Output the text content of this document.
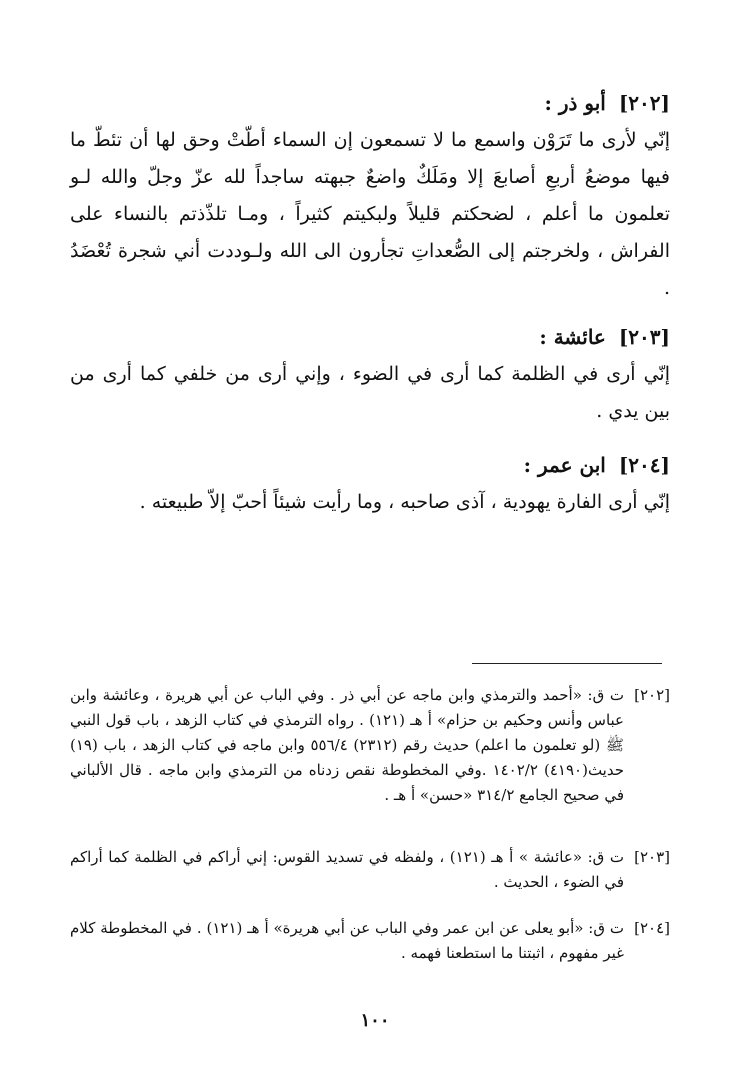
[٢٠٢] أبو ذر :
إنّي لأرى ما تَرَوْن واسمع ما لا تسمعون إن السماء أطّتْ وحق لها أن تئطّ ما فيها موضعُ أربعِ أصابعَ إلا ومَلَكٌ واضعٌ جبهته ساجداً لله عزّ وجلّ والله لـو تعلمون ما أعلم ، لضحكتم قليلاً ولبكيتم كثيراً ، ومـا تلذّذتم بالنساء على الفراش ، ولخرجتم إلى الصُّعداتِ تجأرون الى الله ولـوددت أني شجرة تُعْضَدُ .
[٢٠٣] عائشة :
إنّي أرى في الظلمة كما أرى في الضوء ، وإني أرى من خلفي كما أرى من بين يدي .
[٢٠٤] ابن عمر :
إنّي أرى الفارة يهودية ، آذى صاحبه ، وما رأيت شيئاً أحبّ إلاّ طبيعته .
[٢٠٢]
ت ق: «أحمد والترمذي وابن ماجه عن أبي ذر . وفي الباب عن أبي هريرة ، وعائشة وابن عباس وأنس وحكيم بن حزام» أ هـ (١٢١) . رواه الترمذي في كتاب الزهد ، باب قول النبي ﷺ (لو تعلمون ما اعلم) حديث رقم (٢٣١٢) ٥٥٦/٤ وابن ماجه في كتاب الزهد ، باب (١٩) حديث(٤١٩٠) ١٤٠٢/٢ .وفي المخطوطة نقص زدناه من الترمذي وابن ماجه . قال الألباني في صحيح الجامع ٣١٤/٢ «حسن» أ هـ .
[٢٠٣]
ت ق: «عائشة » أ هـ (١٢١) ، ولفظه في تسديد القوس: إني أراكم في الظلمة كما أراكم في الضوء ، الحديث .
[٢٠٤]
ت ق: «أبو يعلى عن ابن عمر وفي الباب عن أبي هريرة» أ هـ (١٢١) . في المخطوطة كلام غير مفهوم ، اثبتنا ما استطعنا فهمه .
١٠٠
